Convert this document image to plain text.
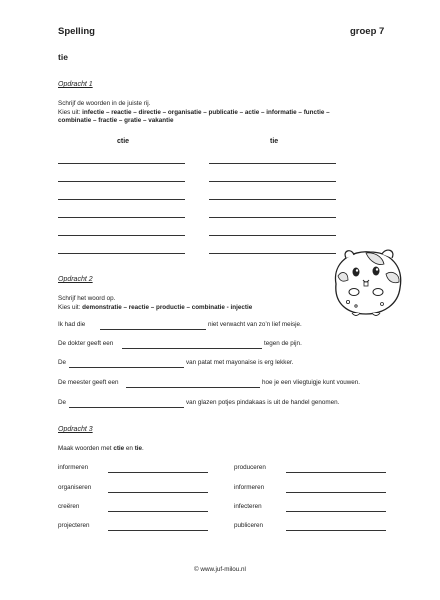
Spelling	groep 7
tie
Opdracht 1
Schrijf de woorden in de juiste rij.
Kies uit: infectie – reactie – directie – organisatie – publicatie – actie – informatie – functie –
combinatie – fractie – gratie – vakantie
ctie	tie
Opdracht 2
Schrijf het woord op.
Kies uit: demonstratie – reactie – productie – combinatie - injectie
Ik had die	niet verwacht van zo’n lief meisje.
De dokter geeft een	tegen de pijn.
De	van patat met mayonaise is erg lekker.
De meester geeft een	hoe je een vliegtuigje kunt vouwen.
De	van glazen potjes pindakaas is uit de handel genomen.
Opdracht 3
Maak woorden met ctie en tie.
informeren	produceren
organiseren	informeren
creëren	infecteren
projecteren	publiceren
© www.juf-milou.nl
